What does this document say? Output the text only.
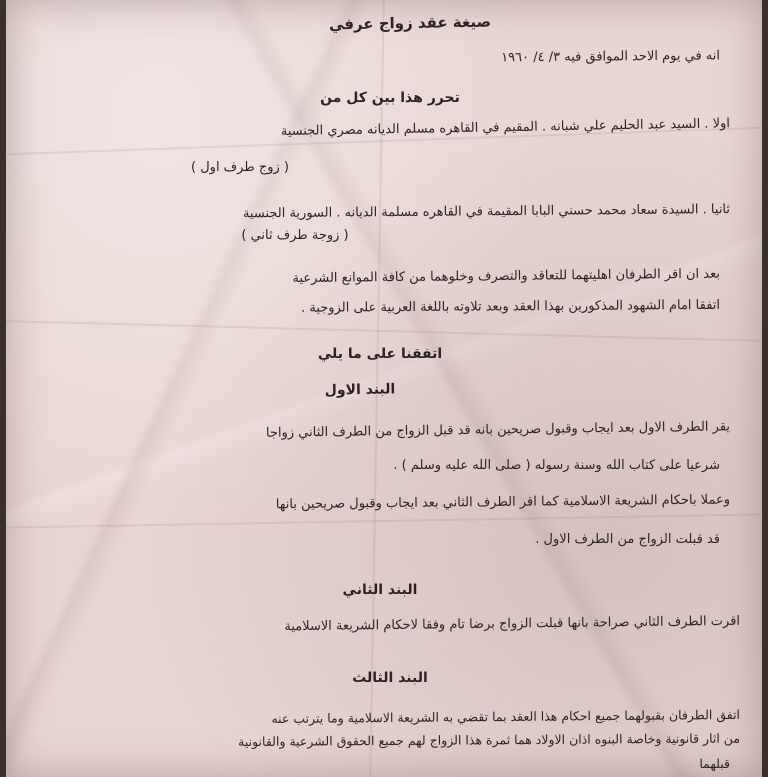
صيغة عقد زواج عرفي
انه في يوم الاحد الموافق فيه ٣/ ٤/ ١٩٦٠
تحرر هذا بين كل من
اولا . السيد عبد الحليم علي شبانه . المقيم في القاهره مسلم الديانه مصري الجنسية
( زوج طرف اول )
ثانيا . السيدة سعاد محمد حسني البابا المقيمة في القاهره مسلمة الديانه . السورية الجنسية
( زوجة طرف ثاني )
بعد ان اقر الطرفان اهليتهما للتعاقد والتصرف وخلوهما من كافة الموانع الشرعية
اتفقا امام الشهود المذكورين بهذا العقد وبعد تلاوته باللغة العربية على الزوجية .
اتفقنا على ما يلي
البند الاول
يقر الطرف الاول بعد ايجاب وقبول صريحين بانه قد قبل الزواج من الطرف الثاني زواجا
شرعيا على كتاب الله وسنة رسوله ( صلى الله عليه وسلم ) .
وعملا باحكام الشريعة الاسلامية كما اقر الطرف الثاني بعد ايجاب وقبول صريحين بانها
قد قبلت الزواج من الطرف الاول .
البند الثاني
اقرت الطرف الثاني صراحة بانها قبلت الزواج برضا تام وفقا لاحكام الشريعة الاسلامية
البند الثالث
اتفق الطرفان بقبولهما جميع احكام هذا العقد بما تقضي به الشريعة الاسلامية وما يترتب عنه
من اثار قانونية وخاصة البنوه اذان الاولاد هما ثمرة هذا الزواج لهم جميع الحقوق الشرعية والقانونية
قبلهما
